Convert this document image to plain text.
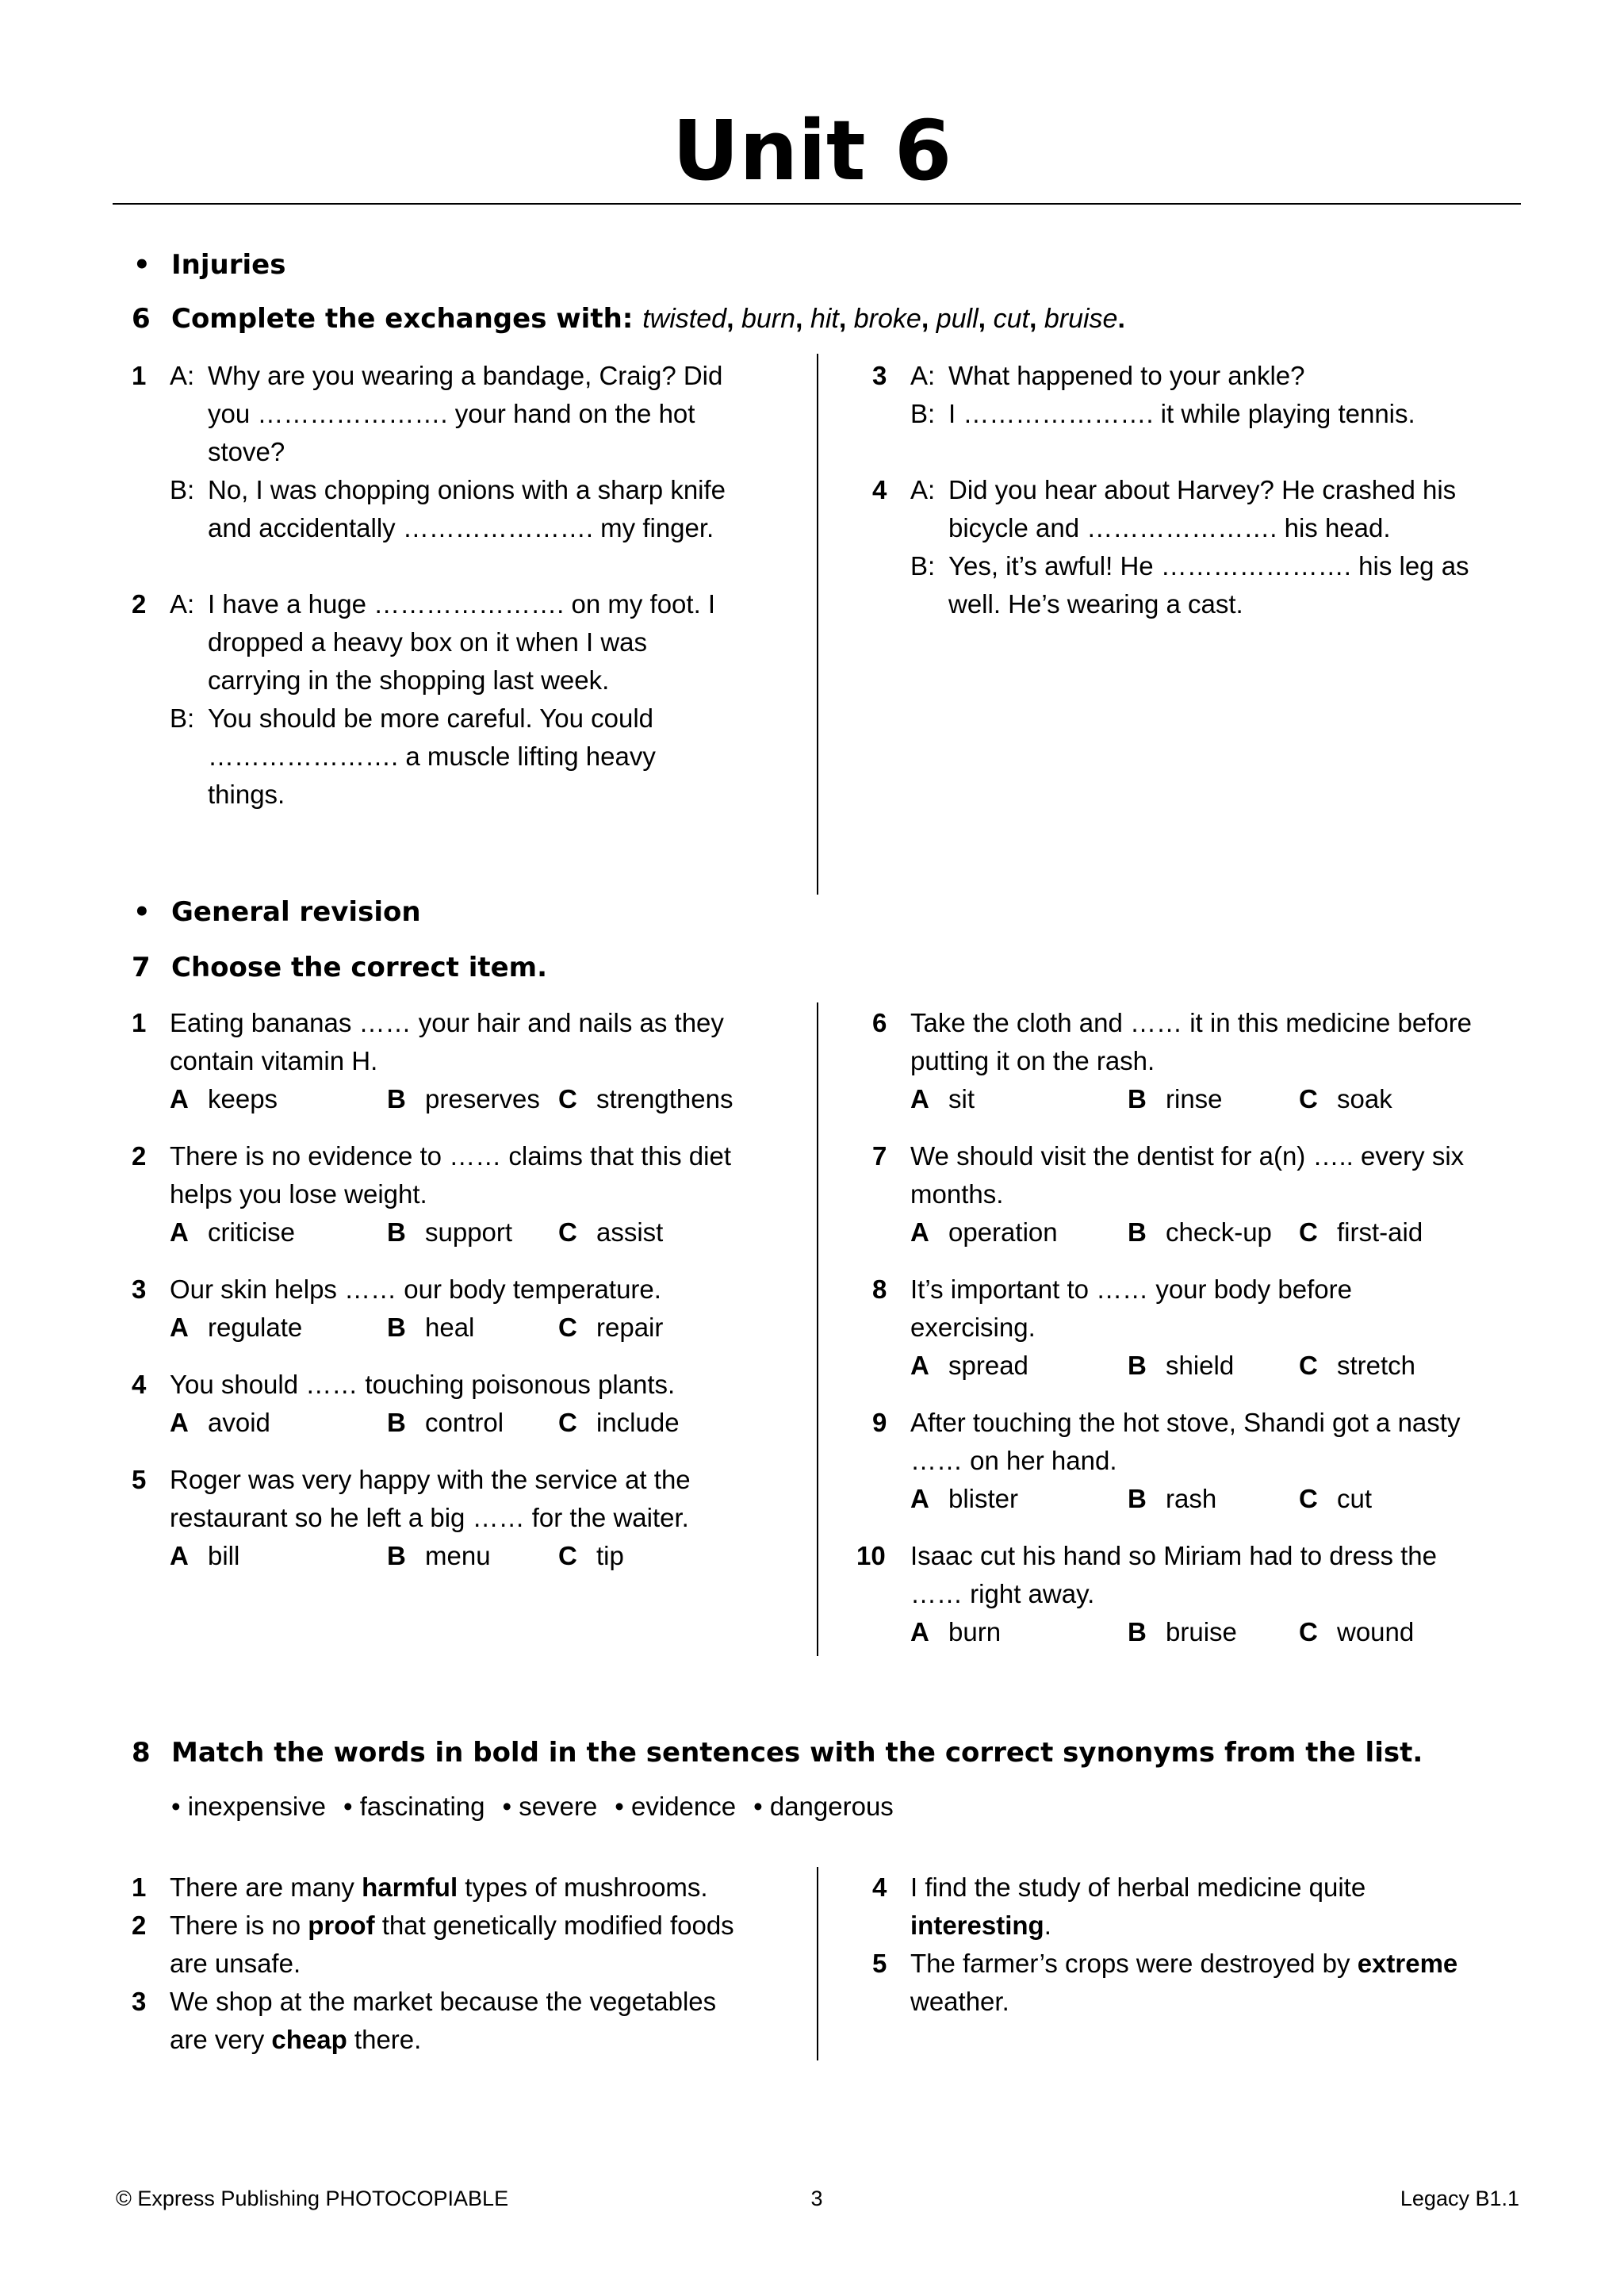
Unit 6
• Injuries
6 Complete the exchanges with: twisted, burn, hit, broke, pull, cut, bruise.
1 A: Why are you wearing a bandage, Craig? Did
you …………………. your hand on the hot
stove?
B: No, I was chopping onions with a sharp knife
and accidentally …………………. my finger.
2 A: I have a huge …………………. on my foot. I
dropped a heavy box on it when I was
carrying in the shopping last week.
B: You should be more careful. You could
…………………. a muscle lifting heavy
things.
3 A: What happened to your ankle?
B: I …………………. it while playing tennis.
4 A: Did you hear about Harvey? He crashed his
bicycle and …………………. his head.
B: Yes, it’s awful! He …………………. his leg as
well. He’s wearing a cast.
• General revision
7 Choose the correct item.
1 Eating bananas …… your hair and nails as they
contain vitamin H.
A keeps	B preserves C strengthens
2 There is no evidence to …… claims that this diet
helps you lose weight.
A criticise	B support C assist
3 Our skin helps …… our body temperature.
A regulate	B heal	C repair
4 You should …… touching poisonous plants.
A avoid	B control C include
5 Roger was very happy with the service at the
restaurant so he left a big …… for the waiter.
A bill	B menu	C tip
6 Take the cloth and …… it in this medicine before
putting it on the rash.
A sit	B rinse	C soak
7 We should visit the dentist for a(n) ….. every six
months.
A operation	B check-up C first-aid
8 It’s important to …… your body before
exercising.
A spread	B shield C stretch
9 After touching the hot stove, Shandi got a nasty
…… on her hand.
A blister	B rash	C cut
10 Isaac cut his hand so Miriam had to dress the
…… right away.
A burn	B bruise C wound
8 Match the words in bold in the sentences with the correct synonyms from the list.
• inexpensive • fascinating • severe • evidence • dangerous
1 There are many harmful types of mushrooms.
2 There is no proof that genetically modified foods
are unsafe.
3 We shop at the market because the vegetables
are very cheap there.
4 I find the study of herbal medicine quite
interesting.
5 The farmer’s crops were destroyed by extreme
weather.
© Express Publishing PHOTOCOPIABLE	3	Legacy B1.1
